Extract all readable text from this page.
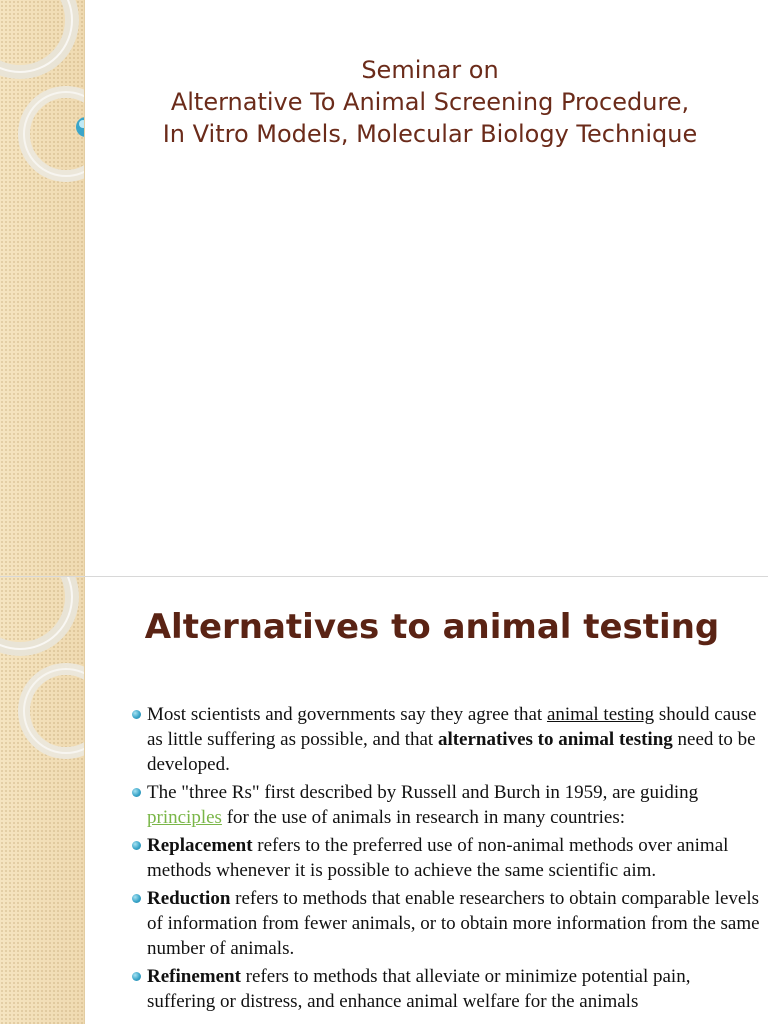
Seminar on
Alternative To Animal Screening Procedure,
In Vitro Models, Molecular Biology Technique
Alternatives to animal testing
Most scientists and governments say they agree that animal testing should cause as little suffering as possible, and that alternatives to animal testing need to be developed.
The "three Rs" first described by Russell and Burch in 1959, are guiding principles for the use of animals in research in many countries:
Replacement refers to the preferred use of non-animal methods over animal methods whenever it is possible to achieve the same scientific aim.
Reduction refers to methods that enable researchers to obtain comparable levels of information from fewer animals, or to obtain more information from the same number of animals.
Refinement refers to methods that alleviate or minimize potential pain, suffering or distress, and enhance animal welfare for the animals
